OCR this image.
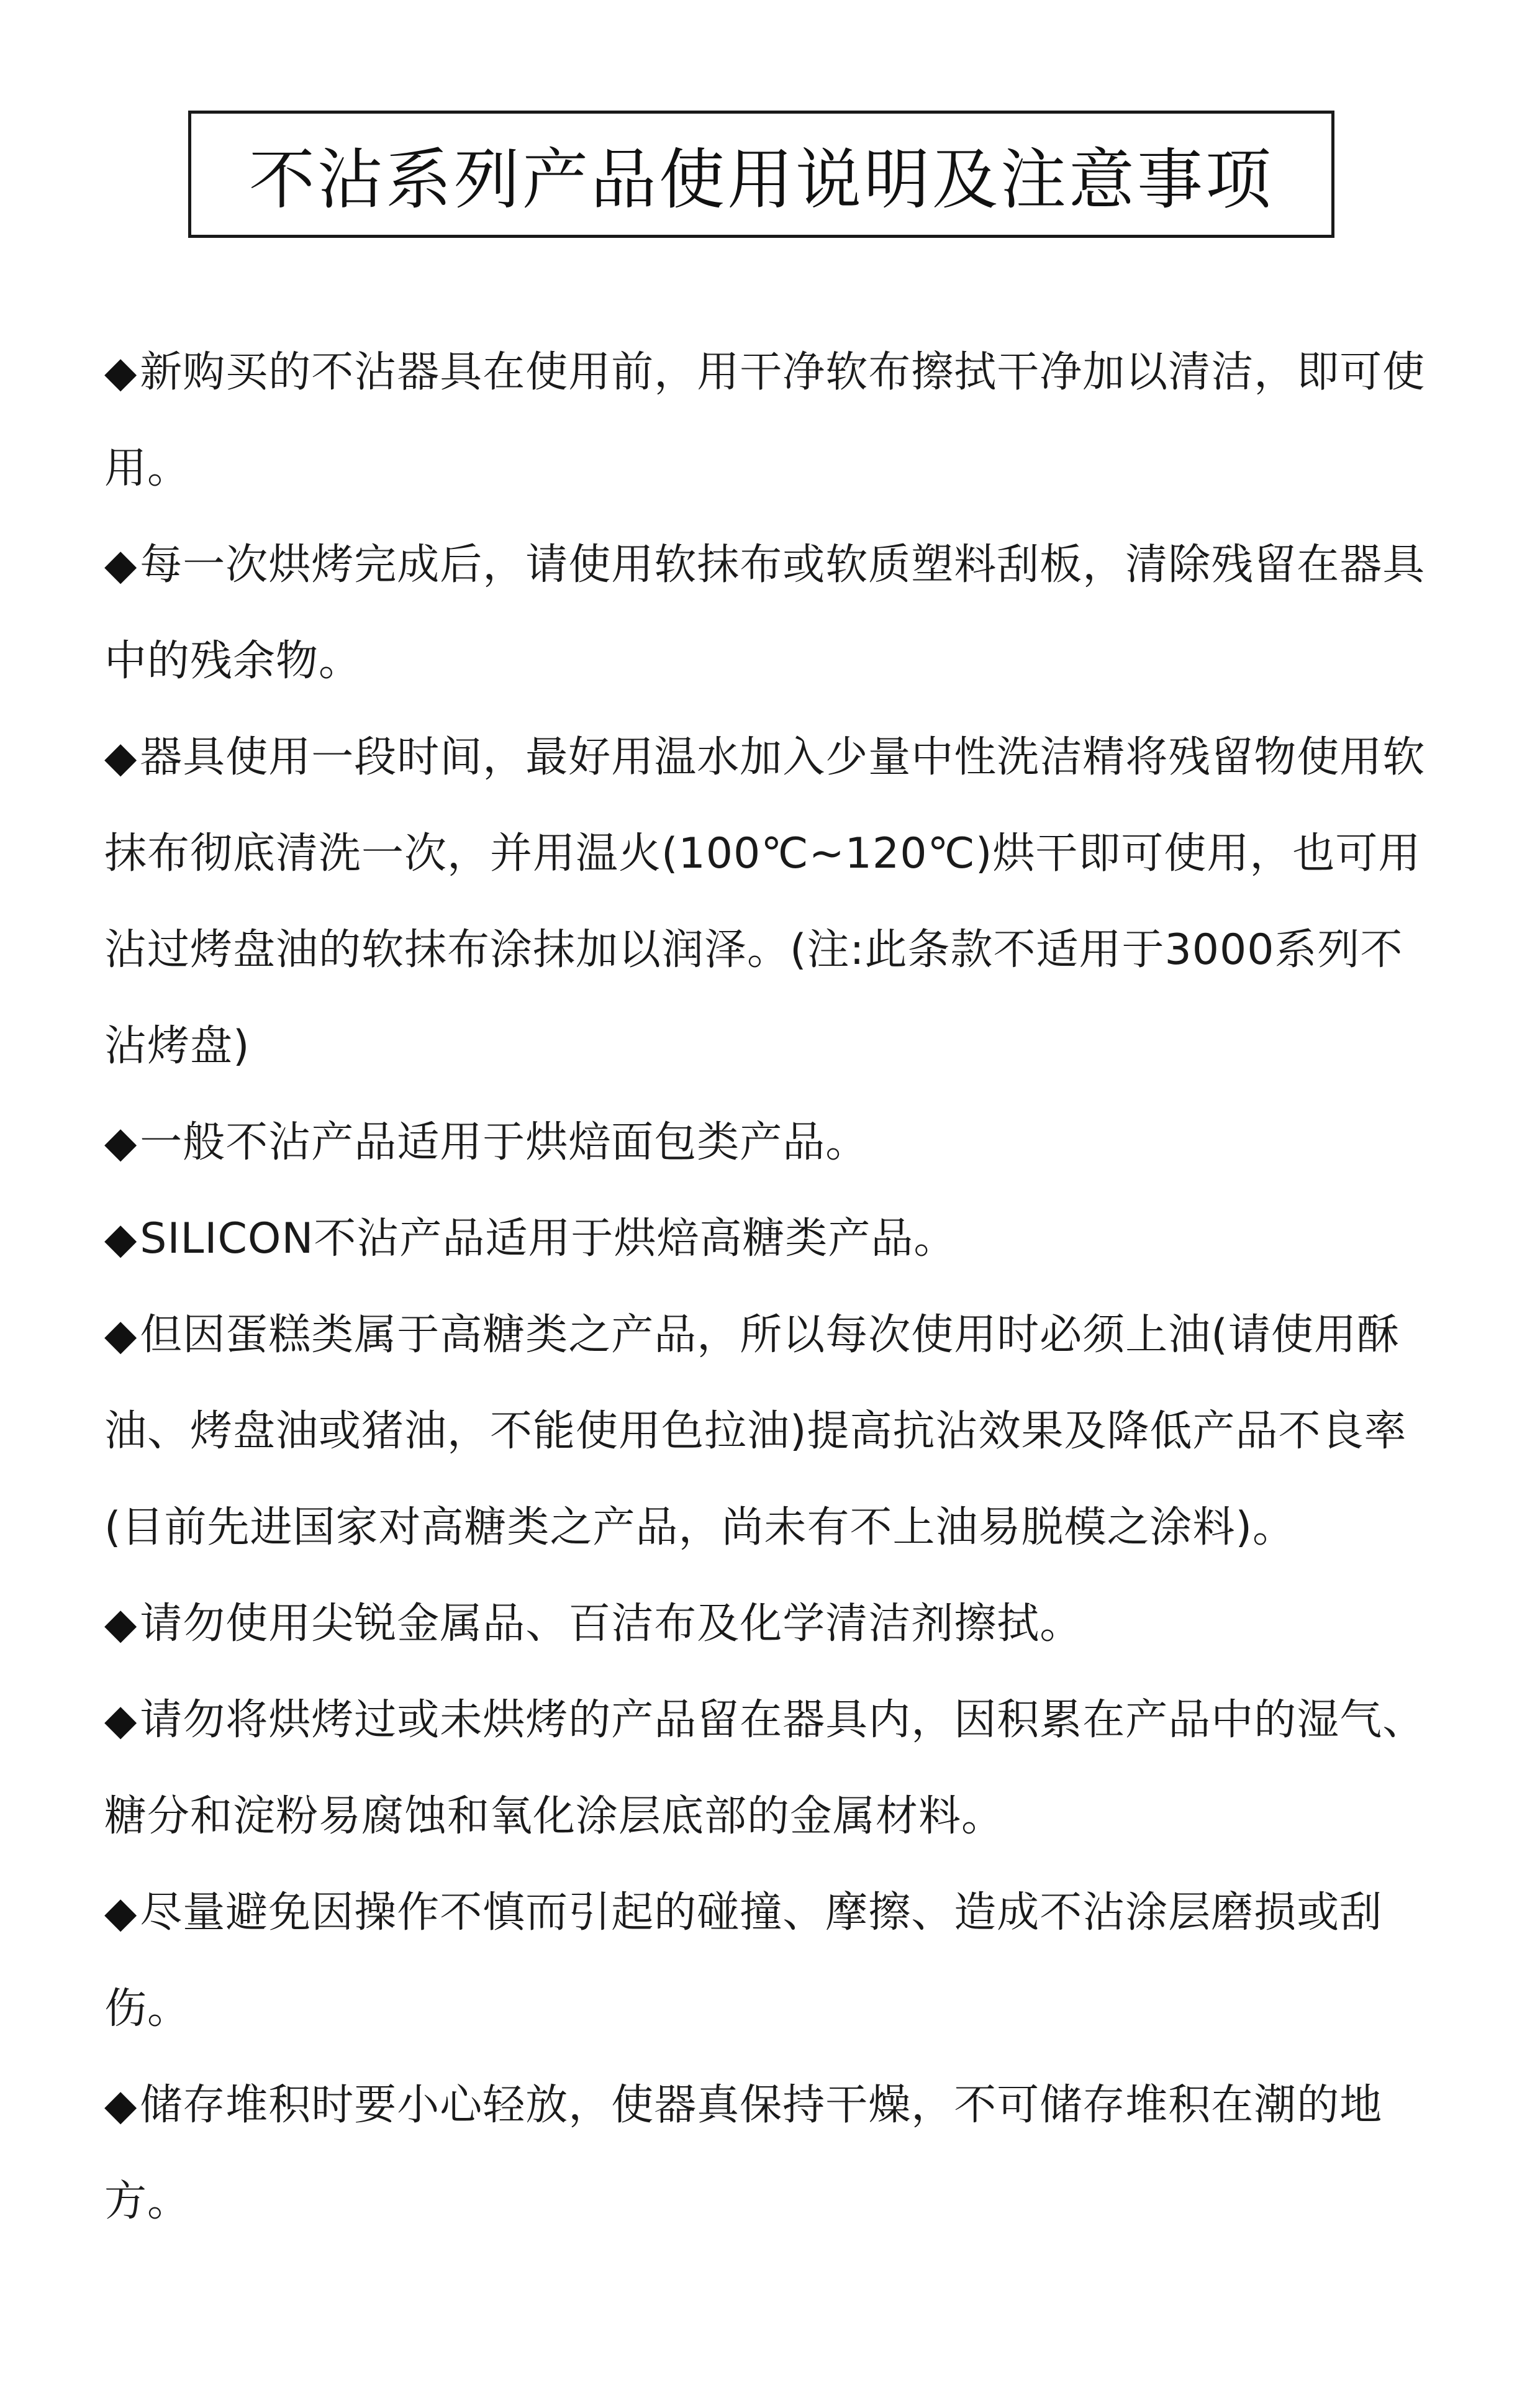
不沾系列产品使用说明及注意事项

◆新购买的不沾器具在使用前，用干净软布擦拭干净加以清洁，即可使用。

◆每一次烘烤完成后，请使用软抹布或软质塑料刮板，清除残留在器具中的残余物。

◆器具使用一段时间，最好用温水加入少量中性洗洁精将残留物使用软抹布彻底清洗一次，并用温火(100℃~120℃)烘干即可使用，也可用沾过烤盘油的软抹布涂抹加以润泽。(注:此条款不适用于3000系列不沾烤盘)

◆一般不沾产品适用于烘焙面包类产品。

◆SILICON不沾产品适用于烘焙高糖类产品。

◆但因蛋糕类属于高糖类之产品，所以每次使用时必须上油(请使用酥油、烤盘油或猪油，不能使用色拉油)提高抗沾效果及降低产品不良率(目前先进国家对高糖类之产品，尚未有不上油易脱模之涂料)。

◆请勿使用尖锐金属品、百洁布及化学清洁剂擦拭。

◆请勿将烘烤过或未烘烤的产品留在器具内，因积累在产品中的湿气、糖分和淀粉易腐蚀和氧化涂层底部的金属材料。

◆尽量避免因操作不慎而引起的碰撞、摩擦、造成不沾涂层磨损或刮伤。

◆储存堆积时要小心轻放，使器真保持干燥，不可储存堆积在潮的地方。
